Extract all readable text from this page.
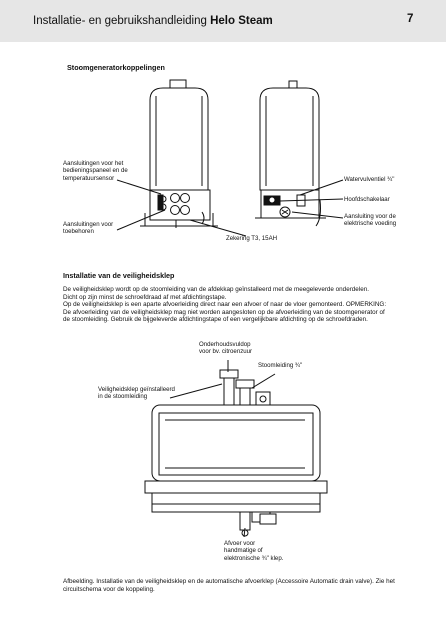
Installatie- en gebruikshandleiding Helo Steam	7
Stoomgeneratorkoppelingen
Aansluitingen voor het
bedieningspaneel en de
temperatuursensor
Aansluitingen voor
toebehoren
Zekering T3, 15AH
Watervulventiel ¾"
Hoofdschakelaar
Aansluiting voor de
elektrische voeding
Installatie van de veiligheidsklep
De veiligheidsklep wordt op de stoomleiding van de afdekkap geïnstalleerd met de meegeleverde onderdelen.
Dicht op zijn minst de schroefdraad af met afdichtingstape.
Op de veiligheidsklep is een aparte afvoerleiding direct naar een afvoer of naar de vloer gemonteerd. OPMERKING:
De afvoerleiding van de veiligheidsklep mag niet worden aangesloten op de afvoerleiding van de stoomgenerator of
de stoomleiding. Gebruik de bijgeleverde afdichtingstape of een vergelijkbare afdichting op de schroefdraden.
Onderhoudsvuldop
voor bv. citroenzuur
Stoomleiding ¾"
Veiligheidsklep geïnstalleerd
in de stoomleiding
Afvoer voor
handmatige of
elektronische ¾" klep.
Afbeelding. Installatie van de veiligheidsklep en de automatische afvoerklep (Accessoire Automatic drain valve). Zie het
circuitschema voor de koppeling.
